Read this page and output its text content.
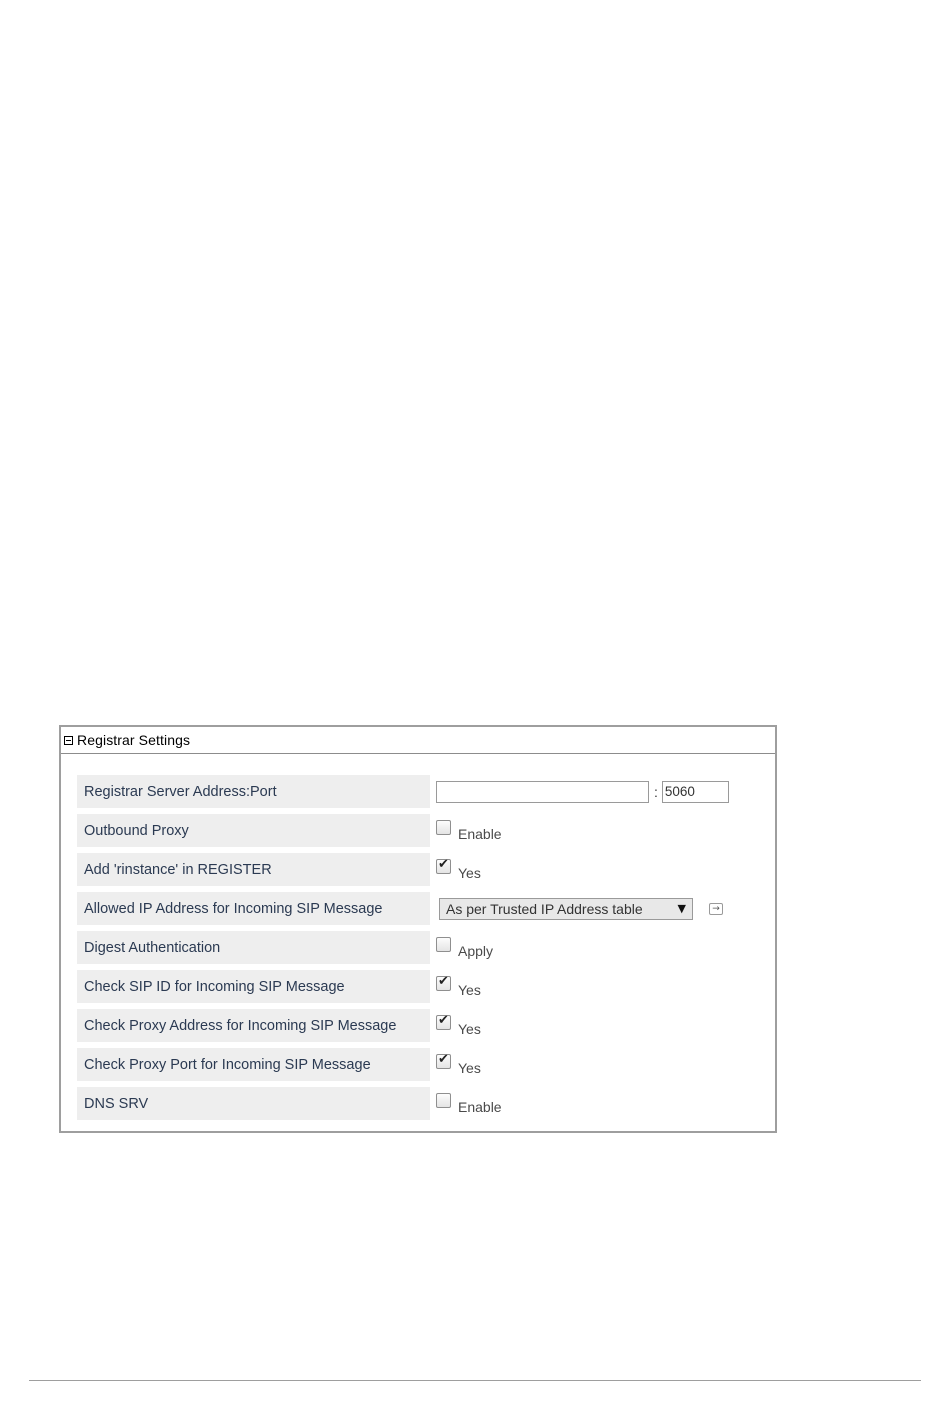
Registrar Settings
Registrar Server Address:Port	: 5060
Outbound Proxy	Enable
Add 'rinstance' in REGISTER ✔	Yes
Allowed IP Address for Incoming SIP Message	As per Trusted IP Address table	▼	→
Digest Authentication	Apply
Check SIP ID for Incoming SIP Message ✔	Yes
Check Proxy Address for Incoming SIP Message ✔	Yes
Check Proxy Port for Incoming SIP Message ✔	Yes
DNS SRV	Enable
